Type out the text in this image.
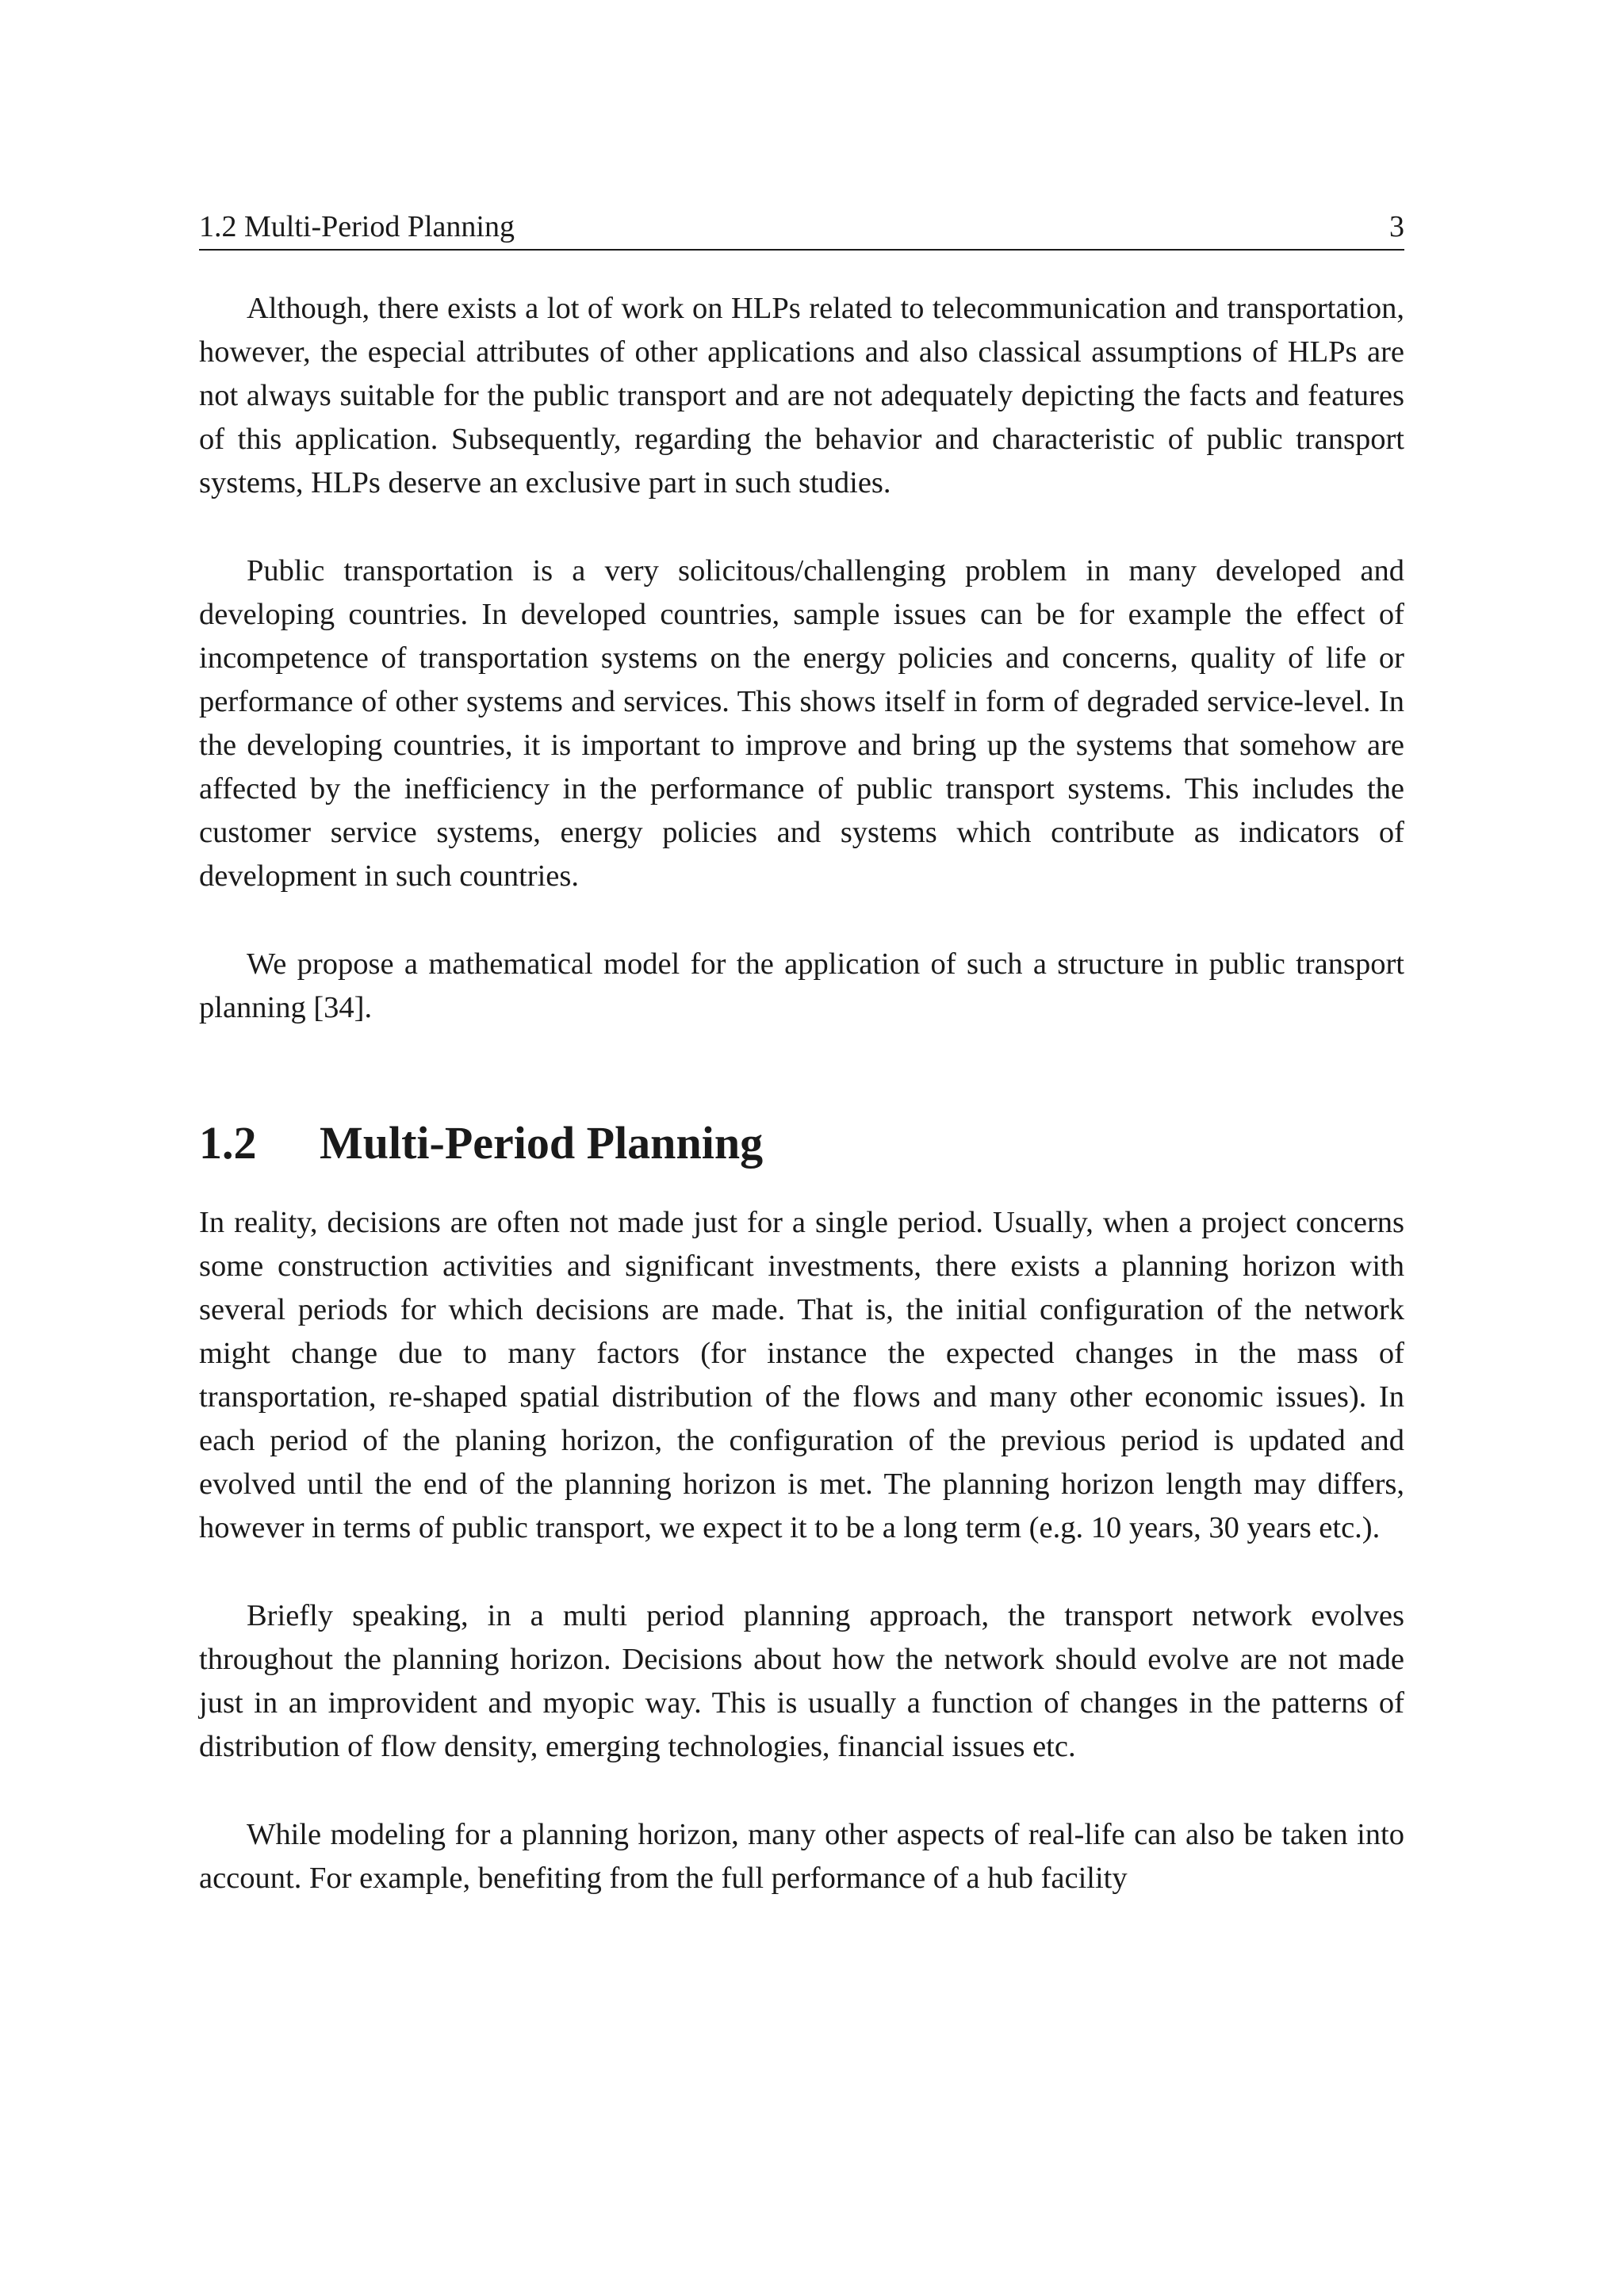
1.2 Multi-Period Planning	3

Although, there exists a lot of work on HLPs related to telecommunication and transportation, however, the especial attributes of other applications and also classical assumptions of HLPs are not always suitable for the public transport and are not adequately depicting the facts and features of this application. Subsequently, regarding the behavior and characteristic of public transport systems, HLPs deserve an exclusive part in such studies.

Public transportation is a very solicitous/challenging problem in many developed and developing countries. In developed countries, sample issues can be for example the effect of incompetence of transportation systems on the energy policies and concerns, quality of life or performance of other systems and services. This shows itself in form of degraded service-level. In the developing countries, it is important to improve and bring up the systems that somehow are affected by the inefficiency in the performance of public transport systems. This includes the customer service systems, energy policies and systems which contribute as indicators of development in such countries.

We propose a mathematical model for the application of such a structure in public transport planning [34].

1.2	Multi-Period Planning

In reality, decisions are often not made just for a single period. Usually, when a project concerns some construction activities and significant investments, there exists a planning horizon with several periods for which decisions are made. That is, the initial configuration of the network might change due to many factors (for instance the expected changes in the mass of transportation, re-shaped spatial distribution of the flows and many other economic issues). In each period of the planing horizon, the configuration of the previous period is updated and evolved until the end of the planning horizon is met. The planning horizon length may differs, however in terms of public transport, we expect it to be a long term (e.g. 10 years, 30 years etc.).

Briefly speaking, in a multi period planning approach, the transport network evolves throughout the planning horizon. Decisions about how the network should evolve are not made just in an improvident and myopic way. This is usually a function of changes in the patterns of distribution of flow density, emerging technologies, financial issues etc.

While modeling for a planning horizon, many other aspects of real-life can also be taken into account. For example, benefiting from the full performance of a hub facility
